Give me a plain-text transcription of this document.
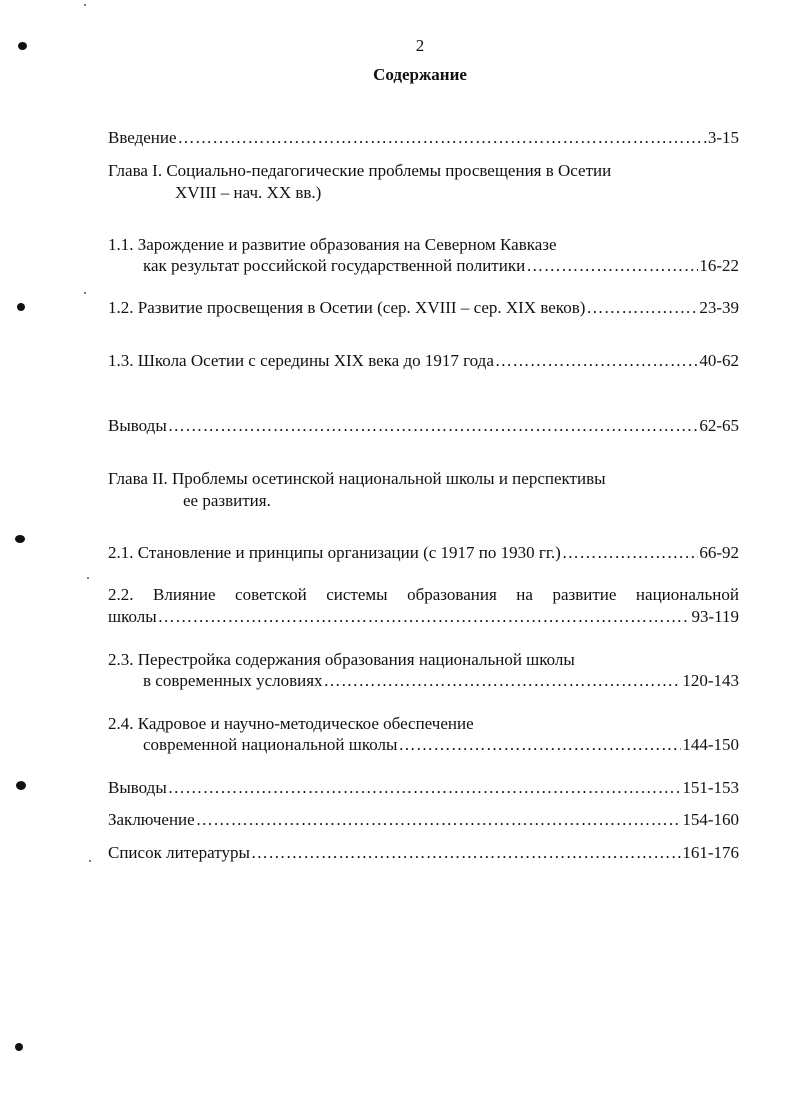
2
Содержание
Введение …………………………………………………………………………………………………………………………………………	3-15
Глава I. Социально-педагогические проблемы просвещения в Осетии
XVIII – нач. XX вв.)
1.1. Зарождение и развитие образования на Северном Кавказе
как результат российской государственной политики …………………………………………………………………………………………………………………………………………	16-22
1.2. Развитие просвещения в Осетии (сер. XVIII – сер. XIX веков) …………………………………………………………………………………………………………………………………………	23-39
1.3. Школа Осетии с середины XIX века до 1917 года …………………………………………………………………………………………………………………………………………	40-62
Выводы …………………………………………………………………………………………………………………………………………	62-65
Глава II. Проблемы осетинской национальной школы и перспективы
ее развития.
2.1. Становление и принципы организации (с 1917 по 1930 гг.) …………………………………………………………………………………………………………………………………………	66-92
2.2. Влияние советской системы образования на развитие национальной
школы …………………………………………………………………………………………………………………………………………	93-119
2.3. Перестройка содержания образования национальной школы
в современных условиях …………………………………………………………………………………………………………………………………………	120-143
2.4. Кадровое и научно-методическое обеспечение
современной национальной школы …………………………………………………………………………………………………………………………………………	144-150
Выводы …………………………………………………………………………………………………………………………………………	151-153
Заключение …………………………………………………………………………………………………………………………………………	154-160
Список литературы …………………………………………………………………………………………………………………………………………	161-176
